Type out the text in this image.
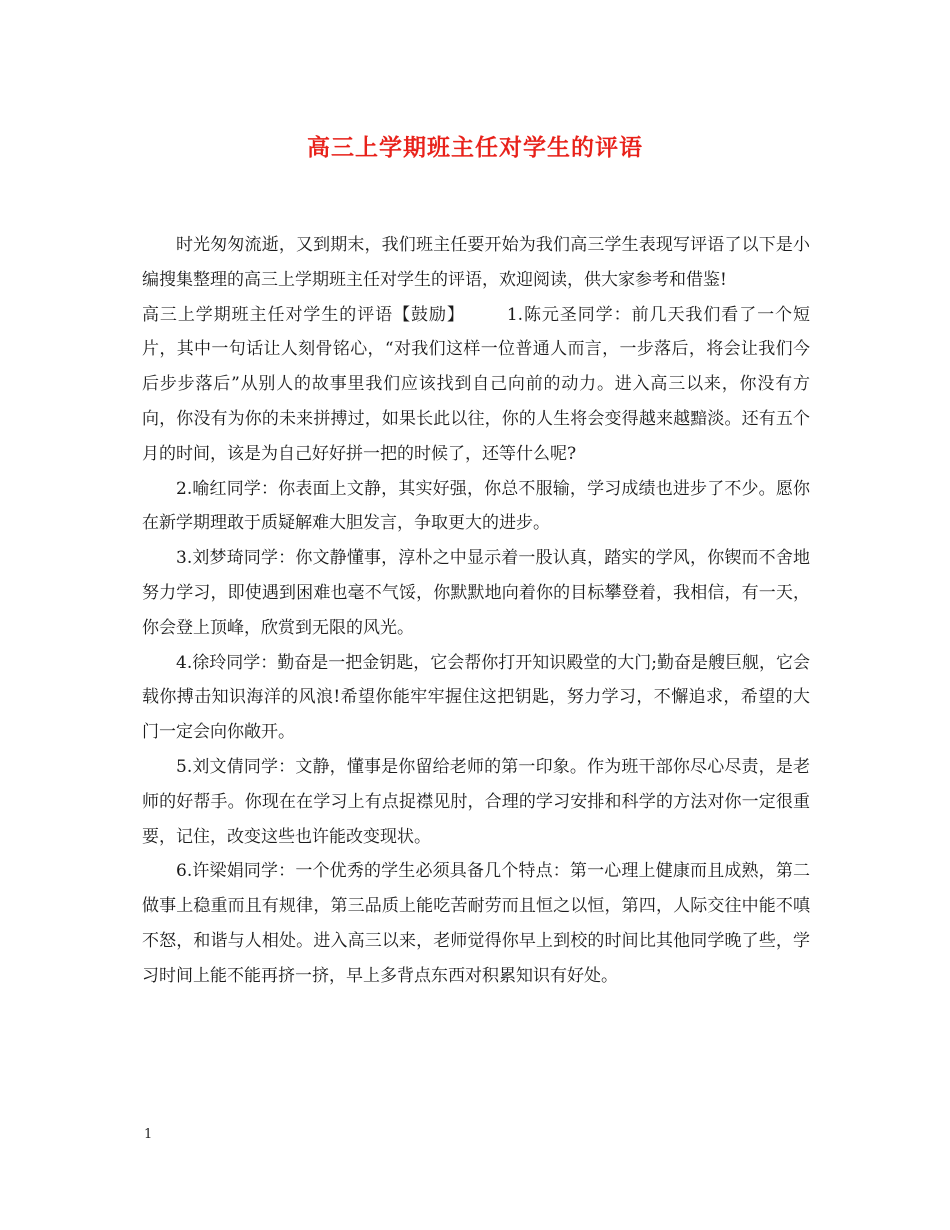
高三上学期班主任对学生的评语

时光匆匆流逝，又到期末，我们班主任要开始为我们高三学生表现写评语了以下是小编搜集整理的高三上学期班主任对学生的评语，欢迎阅读，供大家参考和借鉴!

高三上学期班主任对学生的评语【鼓励】 1.陈元圣同学：前几天我们看了一个短片，其中一句话让人刻骨铭心，“对我们这样一位普通人而言，一步落后，将会让我们今后步步落后”从别人的故事里我们应该找到自己向前的动力。进入高三以来，你没有方向，你没有为你的未来拼搏过，如果长此以往，你的人生将会变得越来越黯淡。还有五个月的时间，该是为自己好好拼一把的时候了，还等什么呢?

2.喻红同学：你表面上文静，其实好强，你总不服输，学习成绩也进步了不少。愿你在新学期理敢于质疑解难大胆发言，争取更大的进步。

3.刘梦琦同学：你文静懂事，淳朴之中显示着一股认真，踏实的学风，你锲而不舍地努力学习，即使遇到困难也毫不气馁，你默默地向着你的目标攀登着，我相信，有一天，你会登上顶峰，欣赏到无限的风光。

4.徐玲同学：勤奋是一把金钥匙，它会帮你打开知识殿堂的大门;勤奋是艘巨舰，它会载你搏击知识海洋的风浪!希望你能牢牢握住这把钥匙，努力学习，不懈追求，希望的大门一定会向你敞开。

5.刘文倩同学：文静，懂事是你留给老师的第一印象。作为班干部你尽心尽责，是老师的好帮手。你现在在学习上有点捉襟见肘，合理的学习安排和科学的方法对你一定很重要，记住，改变这些也许能改变现状。

6.许梁娟同学：一个优秀的学生必须具备几个特点：第一心理上健康而且成熟，第二做事上稳重而且有规律，第三品质上能吃苦耐劳而且恒之以恒，第四，人际交往中能不嗔不怒，和谐与人相处。进入高三以来，老师觉得你早上到校的时间比其他同学晚了些，学习时间上能不能再挤一挤，早上多背点东西对积累知识有好处。

1
